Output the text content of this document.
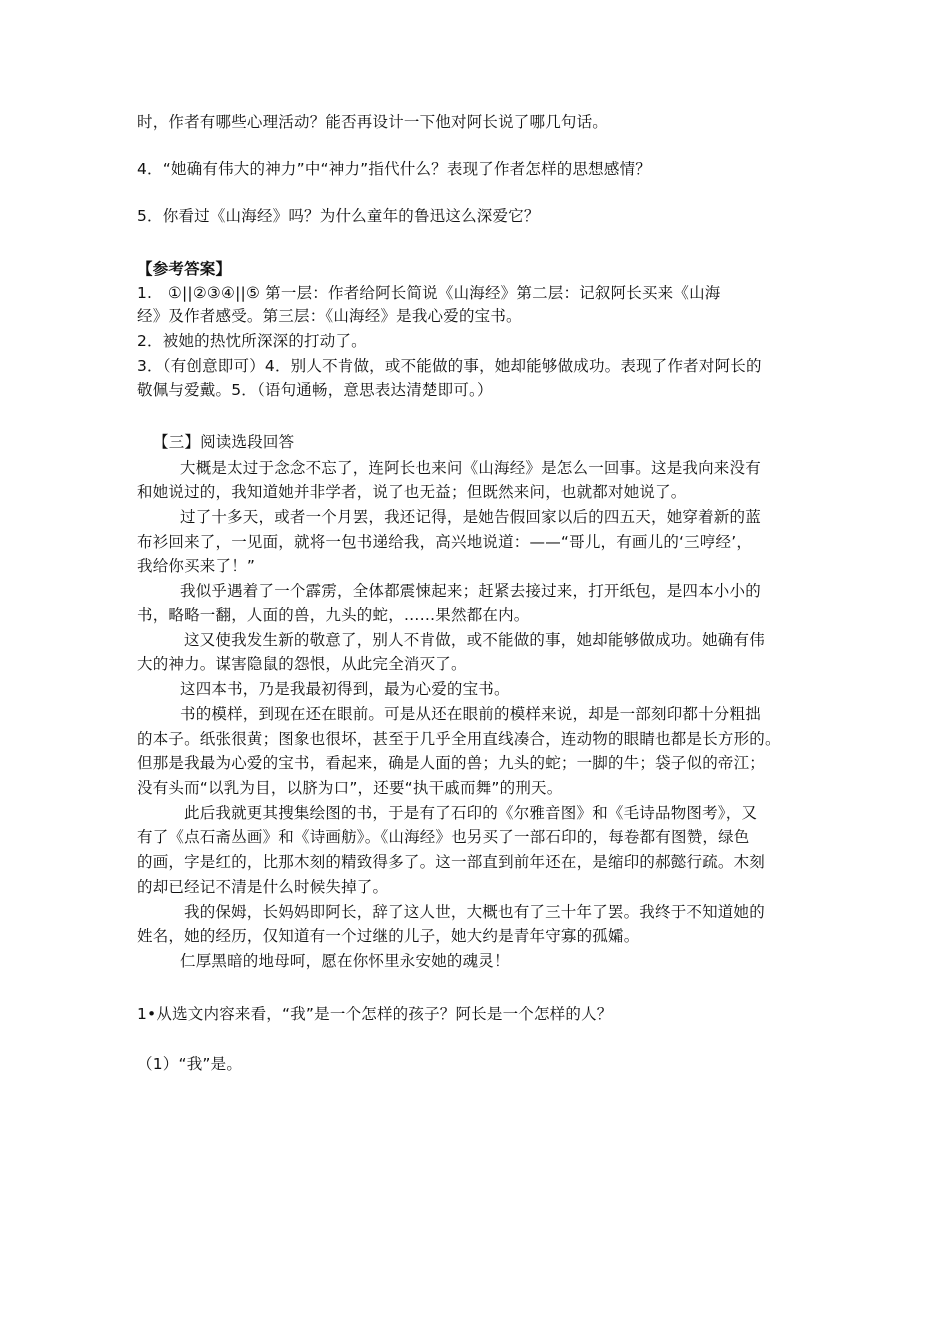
时，作者有哪些心理活动？能否再设计一下他对阿长说了哪几句话。
4．“她确有伟大的神力”中“神力”指代什么？表现了作者怎样的思想感情？
5．你看过《山海经》吗？为什么童年的鲁迅这么深爱它？
【参考答案】
1.　①||②③④||⑤ 第一层：作者给阿长简说《山海经》第二层：记叙阿长买来《山海
经》及作者感受。第三层：《山海经》是我心爱的宝书。
2．被她的热忱所深深的打动了。
3．（有创意即可）4．别人不肯做，或不能做的事，她却能够做成功。表现了作者对阿长的
敬佩与爱戴。5．（语句通畅，意思表达清楚即可。）
【三】阅读选段回答
大概是太过于念念不忘了，连阿长也来问《山海经》是怎么一回事。这是我向来没有
和她说过的，我知道她并非学者，说了也无益；但既然来问，也就都对她说了。
过了十多天，或者一个月罢，我还记得，是她告假回家以后的四五天，她穿着新的蓝
布衫回来了，一见面，就将一包书递给我，高兴地说道：——“哥儿，有画儿的‘三哼经’，
我给你买来了！”
我似乎遇着了一个霹雳，全体都震悚起来；赶紧去接过来，打开纸包，是四本小小的
书，略略一翻，人面的兽，九头的蛇，……果然都在内。
这又使我发生新的敬意了，别人不肯做，或不能做的事，她却能够做成功。她确有伟
大的神力。谋害隐鼠的怨恨，从此完全消灭了。
这四本书，乃是我最初得到，最为心爱的宝书。
书的模样，到现在还在眼前。可是从还在眼前的模样来说，却是一部刻印都十分粗拙
的本子。纸张很黄；图象也很坏，甚至于几乎全用直线凑合，连动物的眼睛也都是长方形的。
但那是我最为心爱的宝书，看起来，确是人面的兽；九头的蛇；一脚的牛；袋子似的帝江；
没有头而“以乳为目，以脐为口”，还要“执干戚而舞”的刑天。
此后我就更其搜集绘图的书，于是有了石印的《尔雅音图》和《毛诗品物图考》，又
有了《点石斋丛画》和《诗画舫》。《山海经》也另买了一部石印的，每卷都有图赞，绿色
的画，字是红的，比那木刻的精致得多了。这一部直到前年还在，是缩印的郝懿行疏。木刻
的却已经记不清是什么时候失掉了。
我的保姆，长妈妈即阿长，辞了这人世，大概也有了三十年了罢。我终于不知道她的
姓名，她的经历，仅知道有一个过继的儿子，她大约是青年守寡的孤孀。
仁厚黑暗的地母呵，愿在你怀里永安她的魂灵！
1•从选文内容来看，“我”是一个怎样的孩子？阿长是一个怎样的人？
（1）“我”是。
